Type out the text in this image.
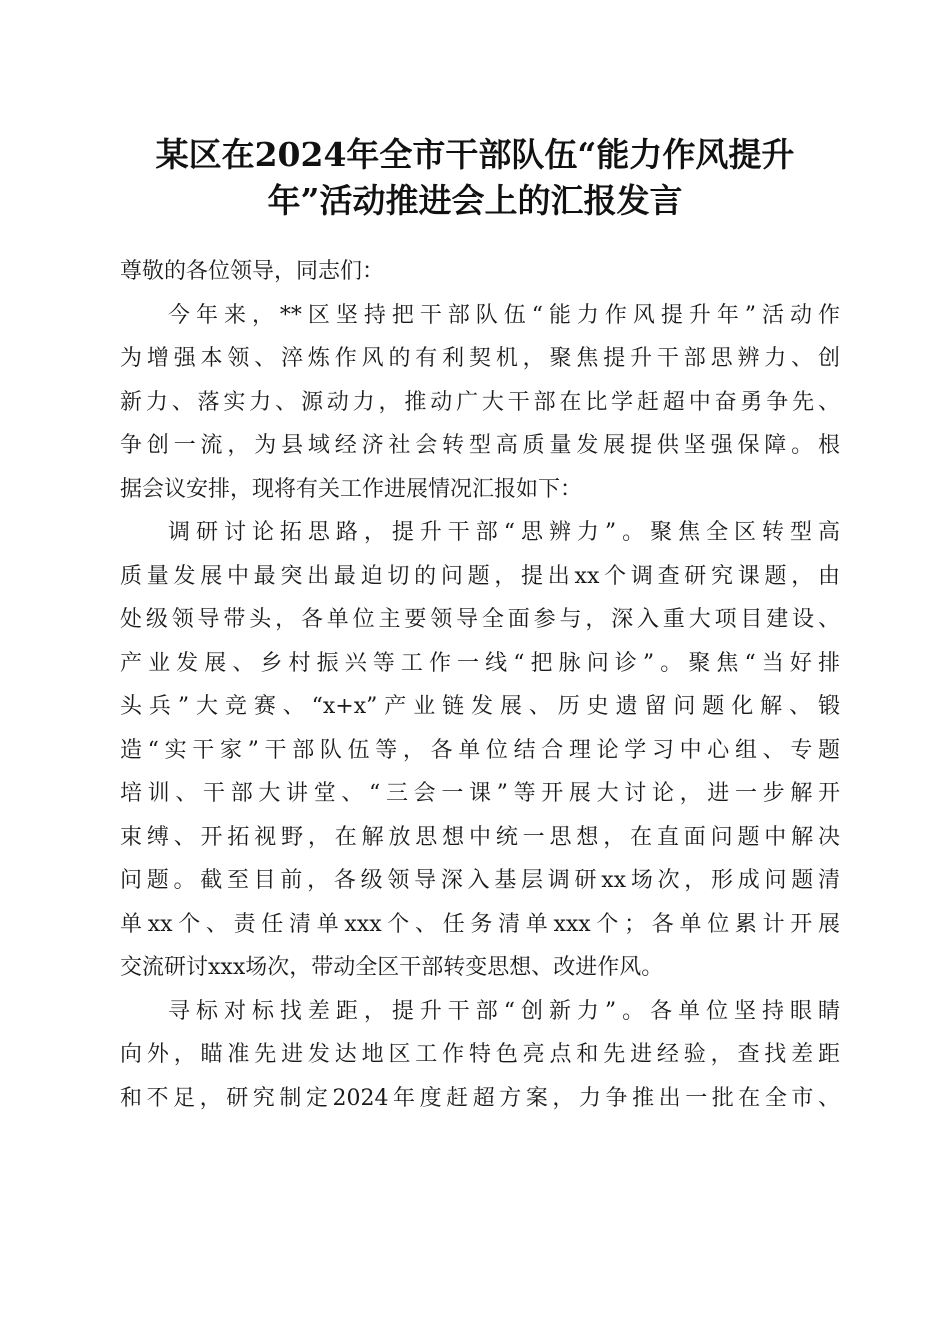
某区在2024年全市干部队伍“能力作风提升
年”活动推进会上的汇报发言

尊敬的各位领导，同志们：

今年来，**区坚持把干部队伍“能力作风提升年”活动作
为增强本领、淬炼作风的有利契机，聚焦提升干部思辨力、创
新力、落实力、源动力，推动广大干部在比学赶超中奋勇争先、
争创一流，为县域经济社会转型高质量发展提供坚强保障。根
据会议安排，现将有关工作进展情况汇报如下：

调研讨论拓思路，提升干部“思辨力”。聚焦全区转型高
质量发展中最突出最迫切的问题，提出xx个调查研究课题，由
处级领导带头，各单位主要领导全面参与，深入重大项目建设、
产业发展、乡村振兴等工作一线“把脉问诊”。聚焦“当好排
头兵”大竞赛、“x+x”产业链发展、历史遗留问题化解、锻
造“实干家”干部队伍等，各单位结合理论学习中心组、专题
培训、干部大讲堂、“三会一课”等开展大讨论，进一步解开
束缚、开拓视野，在解放思想中统一思想，在直面问题中解决
问题。截至目前，各级领导深入基层调研xx场次，形成问题清
单xx个、责任清单xxx个、任务清单xxx个；各单位累计开展
交流研讨xxx场次，带动全区干部转变思想、改进作风。

寻标对标找差距，提升干部“创新力”。各单位坚持眼睛
向外，瞄准先进发达地区工作特色亮点和先进经验，查找差距
和不足，研究制定2024年度赶超方案，力争推出一批在全市、
